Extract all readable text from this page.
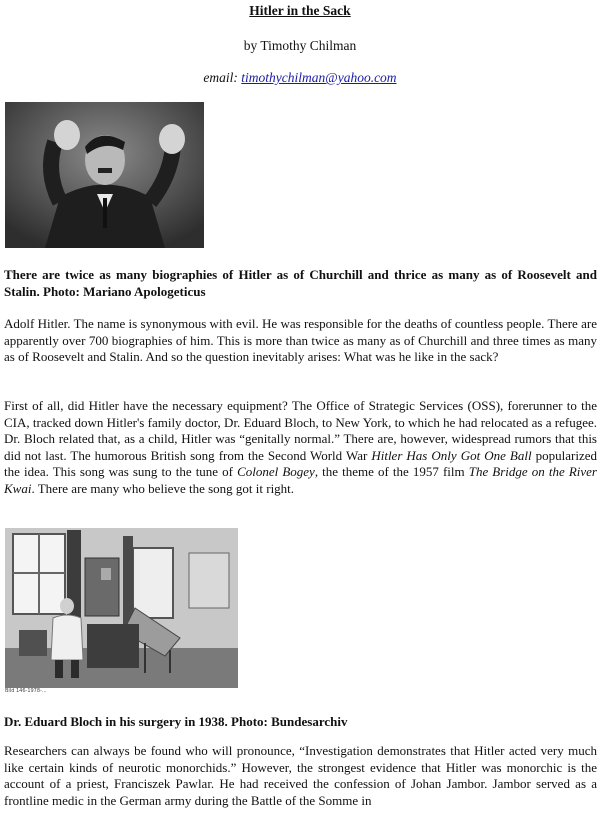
Hitler in the Sack
by Timothy Chilman
email: timothychilman@yahoo.com
There are twice as many biographies of Hitler as of Churchill and thrice as many as of Roosevelt and Stalin. Photo: Mariano Apologeticus

Adolf Hitler. The name is synonymous with evil. He was responsible for the deaths of countless people. There are apparently over 700 biographies of him. This is more than twice as many as of Churchill and three times as many as of Roosevelt and Stalin. And so the question inevitably arises: What was he like in the sack?

First of all, did Hitler have the necessary equipment? The Office of Strategic Services (OSS), forerunner to the CIA, tracked down Hitler's family doctor, Dr. Eduard Bloch, to New York, to which he had relocated as a refugee. Dr. Bloch related that, as a child, Hitler was “genitally normal.” There are, however, widespread rumors that this did not last. The humorous British song from the Second World War Hitler Has Only Got One Ball popularized the idea. This song was sung to the tune of Colonel Bogey, the theme of the 1957 film The Bridge on the River Kwai. There are many who believe the song got it right.

Bild 146-1978-...
Dr. Eduard Bloch in his surgery in 1938. Photo: Bundesarchiv

Researchers can always be found who will pronounce, “Investigation demonstrates that Hitler acted very much like certain kinds of neurotic monorchids.” However, the strongest evidence that Hitler was monorchic is the account of a priest, Franciszek Pawlar. He had received the confession of Johan Jambor. Jambor served as a frontline medic in the German army during the Battle of the Somme in
